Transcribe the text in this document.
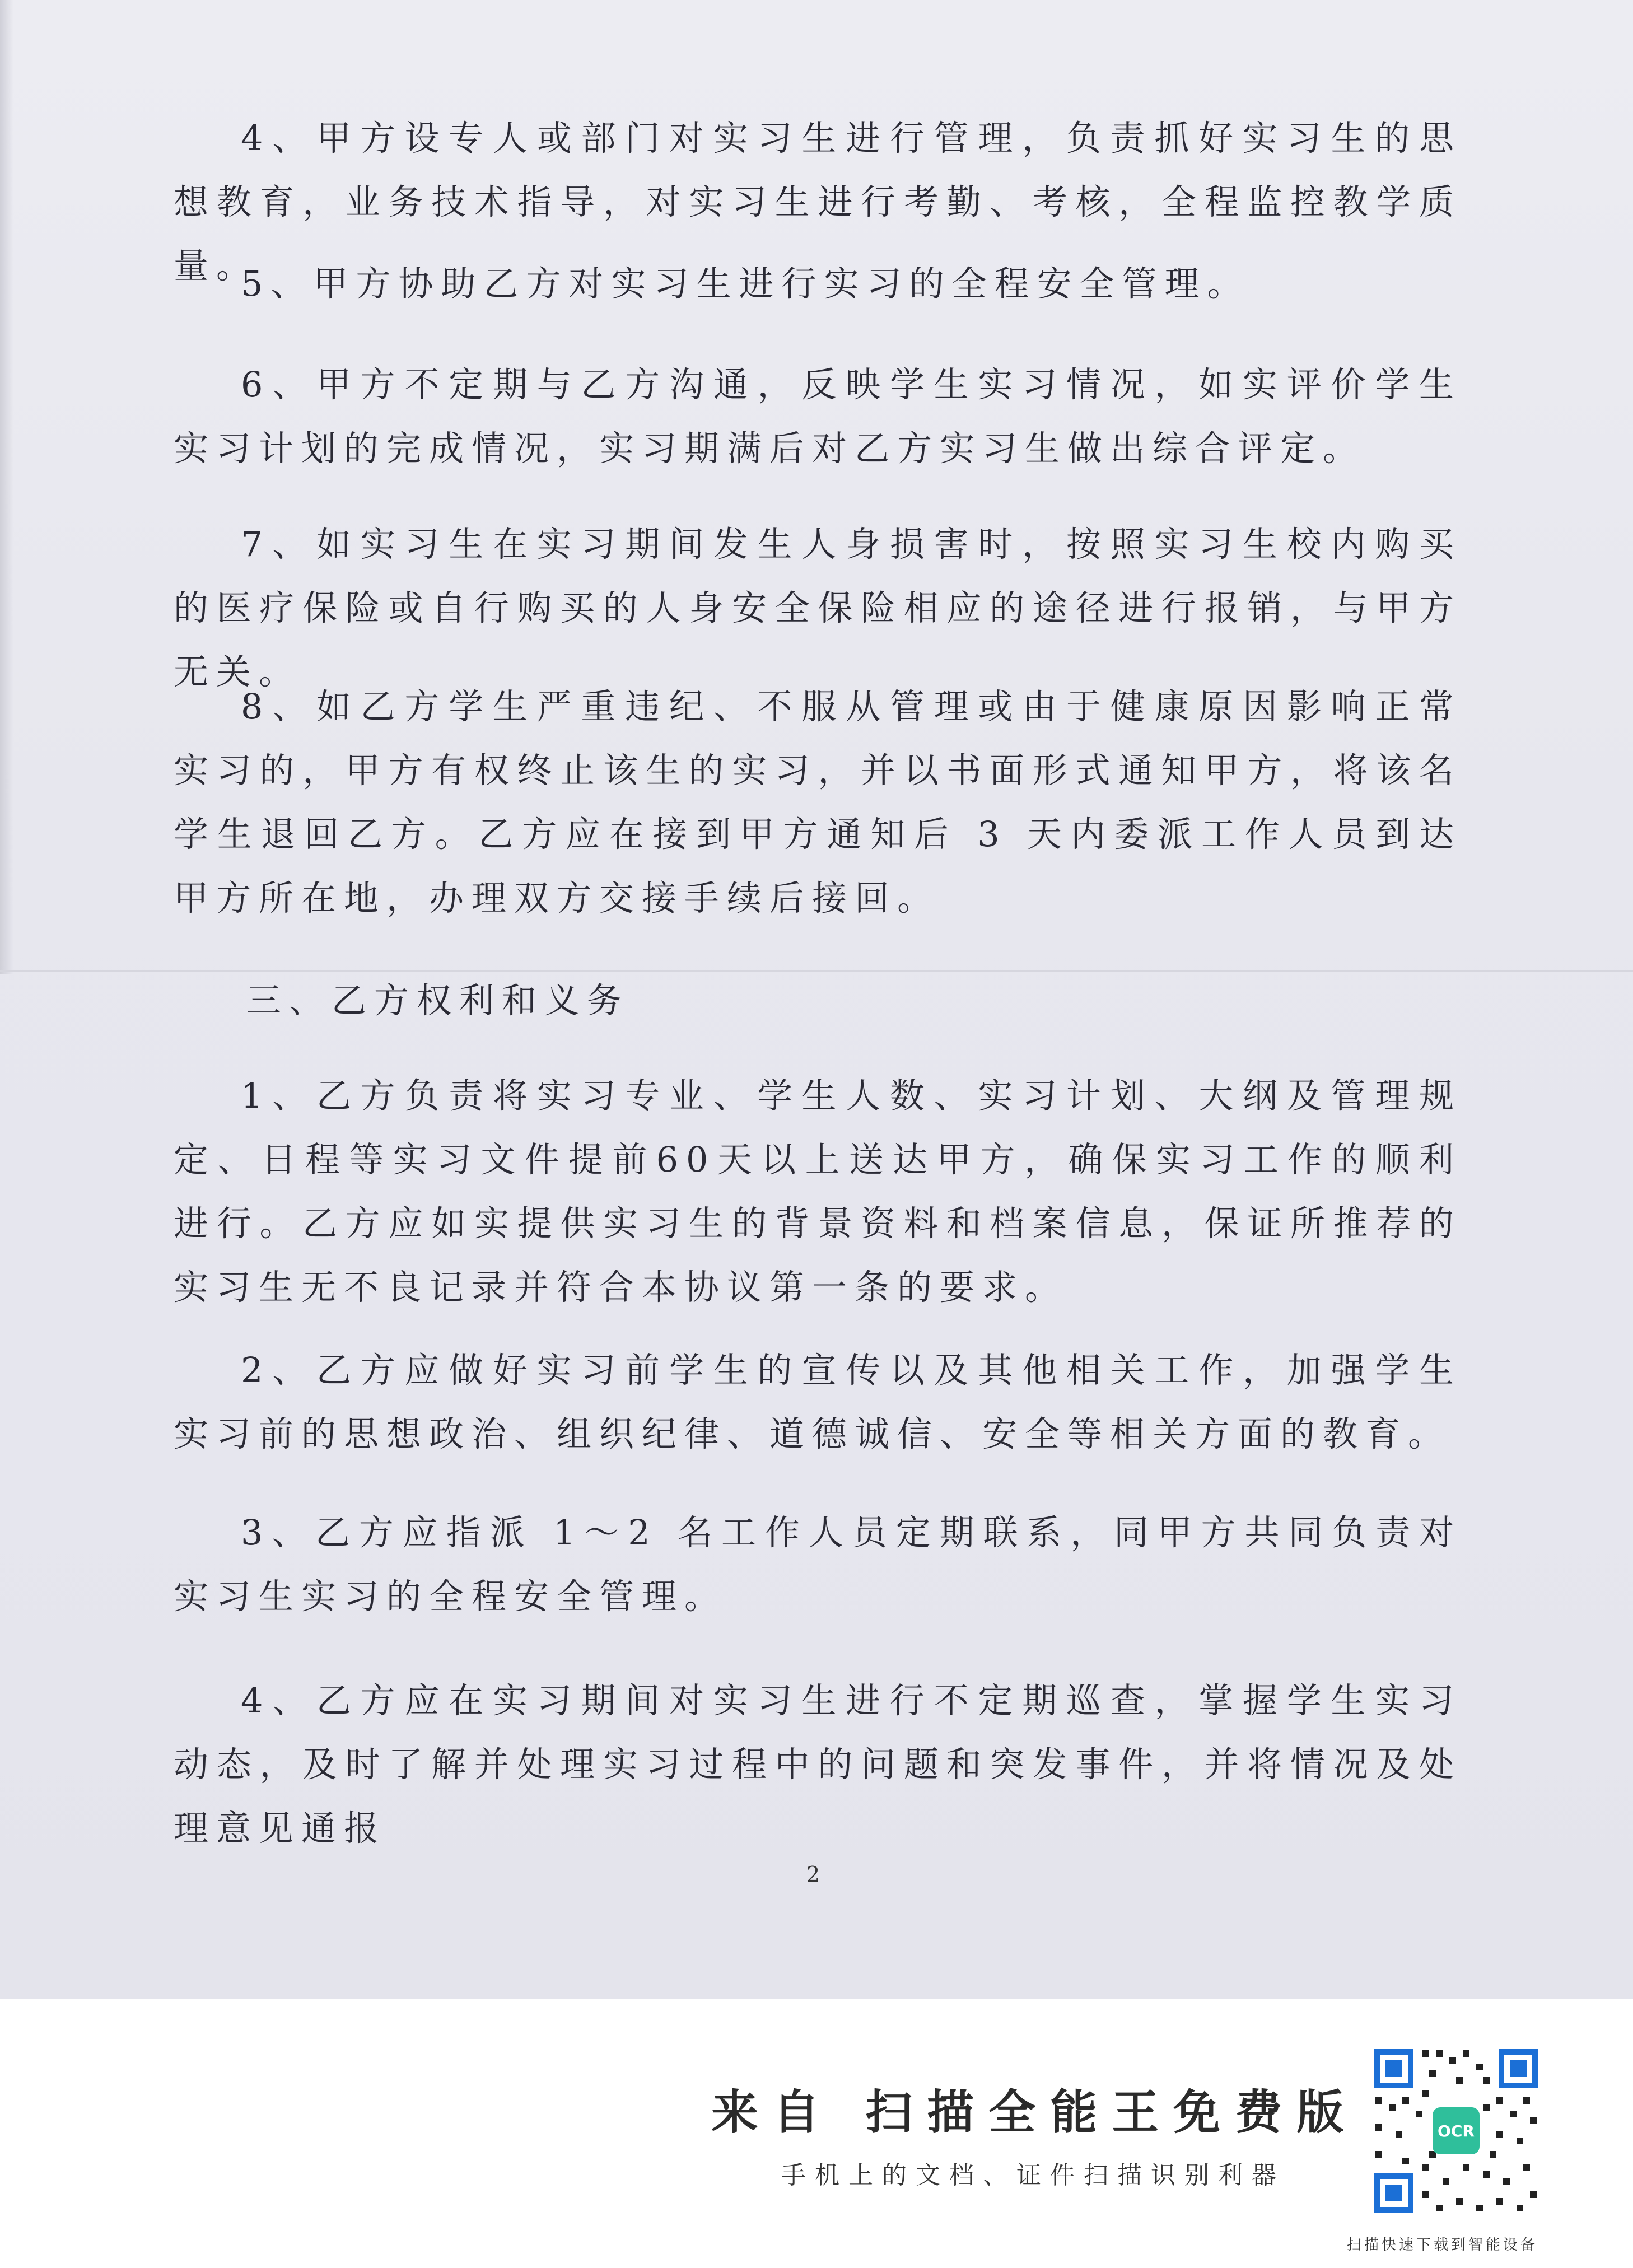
4、甲方设专人或部门对实习生进行管理，负责抓好实习生的思想教育，业务技术指导，对实习生进行考勤、考核，全程监控教学质量。

5、甲方协助乙方对实习生进行实习的全程安全管理。

6、甲方不定期与乙方沟通，反映学生实习情况，如实评价学生实习计划的完成情况，实习期满后对乙方实习生做出综合评定。

7、如实习生在实习期间发生人身损害时，按照实习生校内购买的医疗保险或自行购买的人身安全保险相应的途径进行报销，与甲方无关。

8、如乙方学生严重违纪、不服从管理或由于健康原因影响正常实习的，甲方有权终止该生的实习，并以书面形式通知甲方，将该名学生退回乙方。乙方应在接到甲方通知后 3 天内委派工作人员到达甲方所在地，办理双方交接手续后接回。

三、乙方权利和义务

1、乙方负责将实习专业、学生人数、实习计划、大纲及管理规定、日程等实习文件提前60天以上送达甲方，确保实习工作的顺利进行。乙方应如实提供实习生的背景资料和档案信息，保证所推荐的实习生无不良记录并符合本协议第一条的要求。

2、乙方应做好实习前学生的宣传以及其他相关工作，加强学生实习前的思想政治、组织纪律、道德诚信、安全等相关方面的教育。

3、乙方应指派 1～2 名工作人员定期联系，同甲方共同负责对实习生实习的全程安全管理。

4、乙方应在实习期间对实习生进行不定期巡查，掌握学生实习动态，及时了解并处理实习过程中的问题和突发事件，并将情况及处理意见通报

2
来自 扫描全能王免费版
手机上的文档、证件扫描识别利器
OCR
扫描快速下载到智能设备
